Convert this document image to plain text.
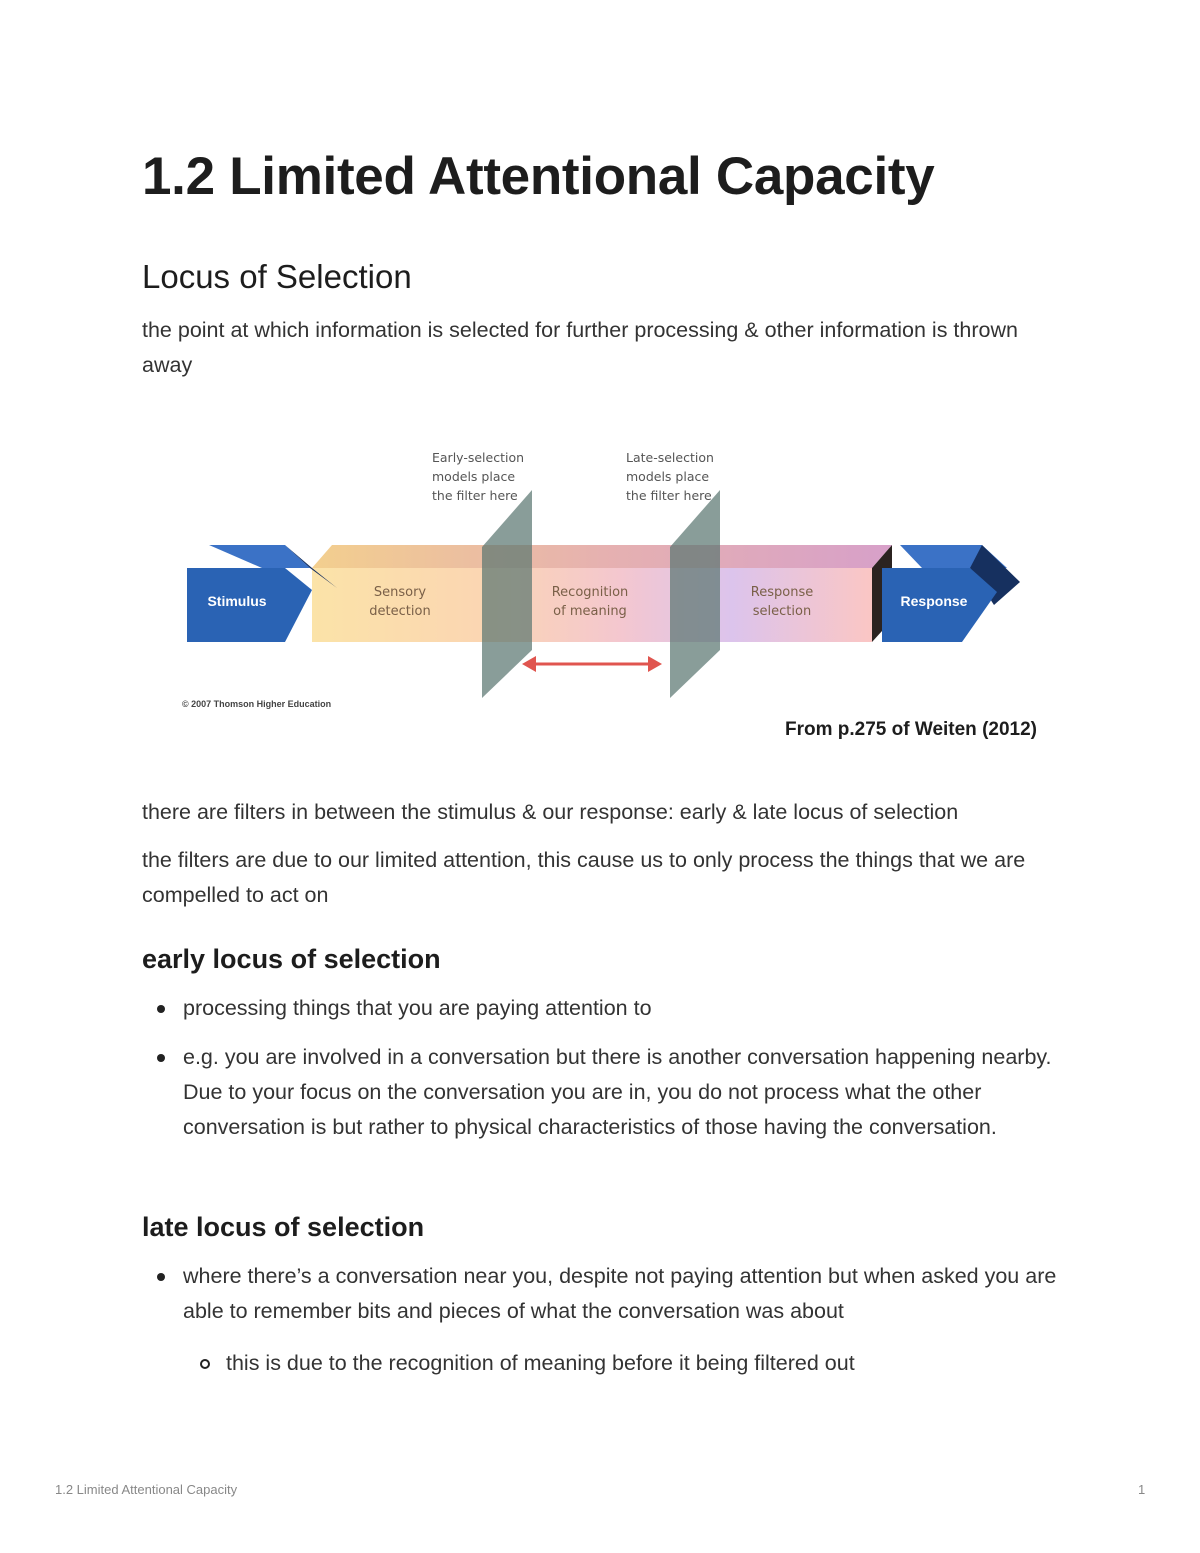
1.2 Limited Attentional Capacity
Locus of Selection

the point at which information is selected for further processing & other information is thrown away

Stimulus	Response
Sensory
detection
Recognition
of meaning
Response
selection
Early-selection
models place
the filter here
Late-selection
models place
the filter here
© 2007 Thomson Higher Education
From p.275 of Weiten (2012)

there are filters in between the stimulus & our response: early & late locus of selection

the filters are due to our limited attention, this cause us to only process the things that we are compelled to act on

early locus of selection
processing things that you are paying attention to
e.g. you are involved in a conversation but there is another conversation happening nearby. Due to your focus on the conversation you are in, you do not process what the other conversation is but rather to physical characteristics of those having the conversation.
late locus of selection
where there’s a conversation near you, despite not paying attention but when asked you are able to remember bits and pieces of what the conversation was about
this is due to the recognition of meaning before it being filtered out
1.2 Limited Attentional Capacity	1
